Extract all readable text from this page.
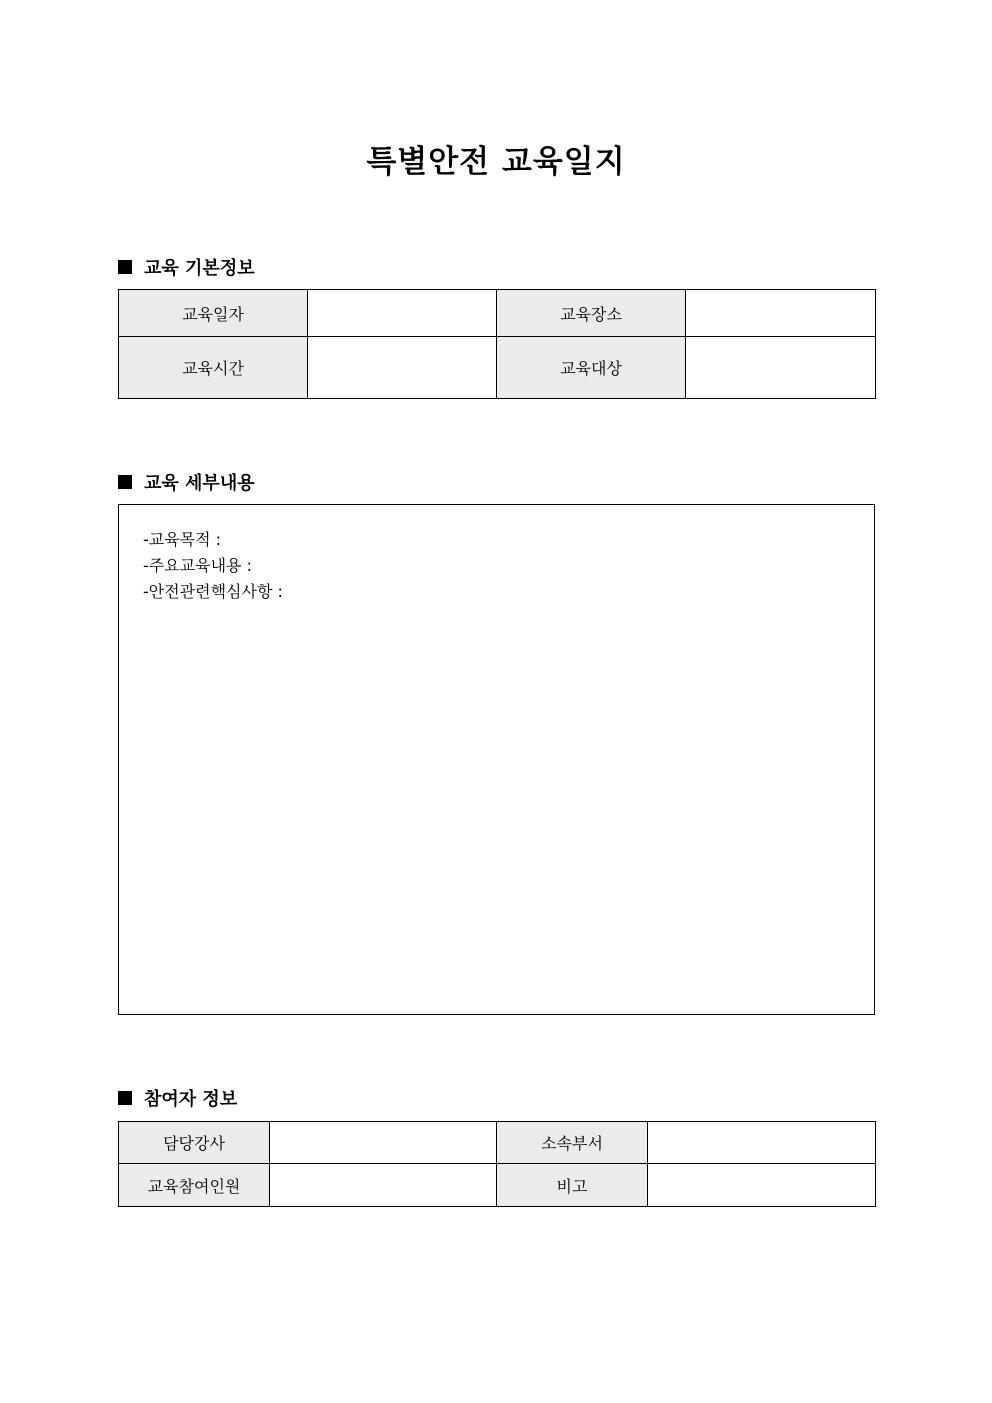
특별안전 교육일지
교육 기본정보
교육일자		교육장소	
교육시간		교육대상	
교육 세부내용
-교육목적 :
-주요교육내용 :
-안전관련핵심사항 :
참여자 정보
담당강사		소속부서	
교육참여인원		비고	
